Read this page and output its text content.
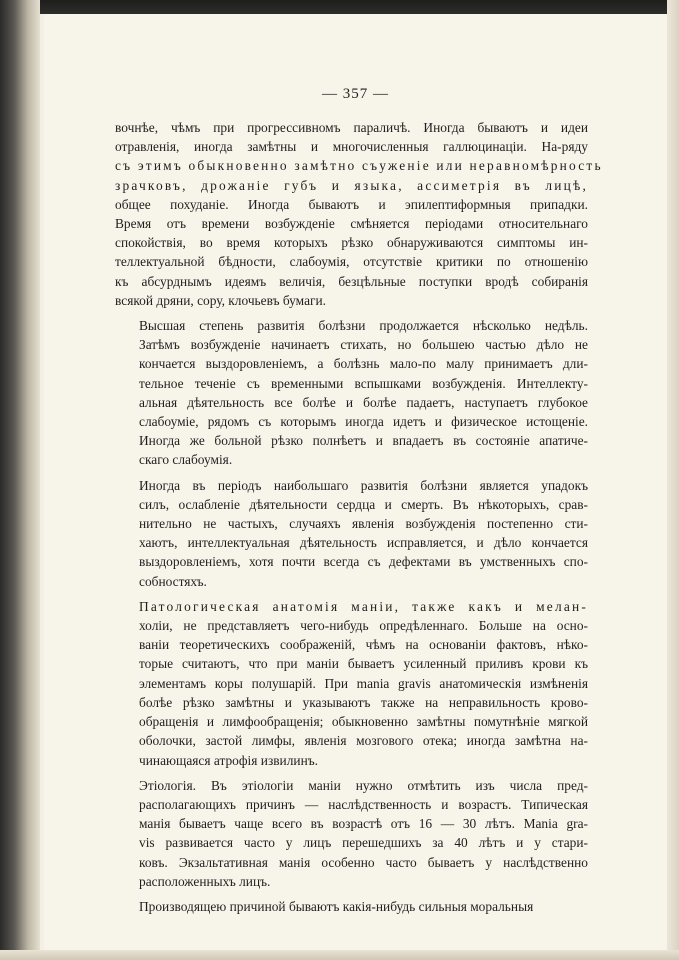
— 357 —

вочнѣе, чѣмъ при прогрессивномъ параличѣ. Иногда бываютъ и идеи
отравленія, иногда замѣтны и многочисленныя галлюцинаціи. На-ряду
съ этимъ обыкновенно замѣтно съуженіе или неравномѣрность
зрачковъ, дрожаніе губъ и языка, ассиметрія въ лицѣ,
общее похуданіе. Иногда бываютъ и эпилептиформныя припадки.
Время отъ времени возбужденіе смѣняется періодами относительнаго
спокойствія, во время которыхъ рѣзко обнаруживаются симптомы ин-
теллектуальной бѣдности, слабоумія, отсутствіе критики по отношенію
къ абсурднымъ идеямъ величія, безцѣльные поступки вродѣ собиранія
всякой дряни, сору, клочьевъ бумаги.

Высшая степень развитія болѣзни продолжается нѣсколько недѣль.
Затѣмъ возбужденіе начинаетъ стихать, но большею частью дѣло не
кончается выздоровленіемъ, а болѣзнь мало-по малу принимаетъ дли-
тельное теченіе съ временными вспышками возбужденія. Интеллекту-
альная дѣятельность все болѣе и болѣе падаетъ, наступаетъ глубокое
слабоуміе, рядомъ съ которымъ иногда идетъ и физическое истощеніе.
Иногда же больной рѣзко полнѣетъ и впадаетъ въ состояніе апатиче-
скаго слабоумія.

Иногда въ періодъ наибольшаго развитія болѣзни является упадокъ
силъ, ослабленіе дѣятельности сердца и смерть. Въ нѣкоторыхъ, срав-
нительно не частыхъ, случаяхъ явленія возбужденія постепенно сти-
хаютъ, интеллектуальная дѣятельность исправляется, и дѣло кончается
выздоровленіемъ, хотя почти всегда съ дефектами въ умственныхъ спо-
собностяхъ.

Патологическая анатомія маніи, также какъ и мелан-
холіи, не представляетъ чего-нибудь опредѣленнаго. Больше на осно-
ваніи теоретическихъ соображеній, чѣмъ на основаніи фактовъ, нѣко-
торые считаютъ, что при маніи бываетъ усиленный приливъ крови къ
элементамъ коры полушарій. При mania gravis анатомическія измѣненія
болѣе рѣзко замѣтны и указываютъ также на неправильность крово-
обращенія и лимфообращенія; обыкновенно замѣтны помутнѣніе мягкой
оболочки, застой лимфы, явленія мозгового отека; иногда замѣтна на-
чинающаяся атрофія извилинъ.

Этіологія. Въ этіологіи маніи нужно отмѣтить изъ числа пред-
располагающихъ причинъ — наслѣдственность и возрастъ. Типическая
манія бываетъ чаще всего въ возрастѣ отъ 16 — 30 лѣтъ. Mania gra-
vis развивается часто у лицъ перешедшихъ за 40 лѣтъ и у стари-
ковъ. Экзальтативная манія особенно часто бываетъ у наслѣдственно
расположенныхъ лицъ.

Производящею причиной бываютъ какія-нибудь сильныя моральныя
